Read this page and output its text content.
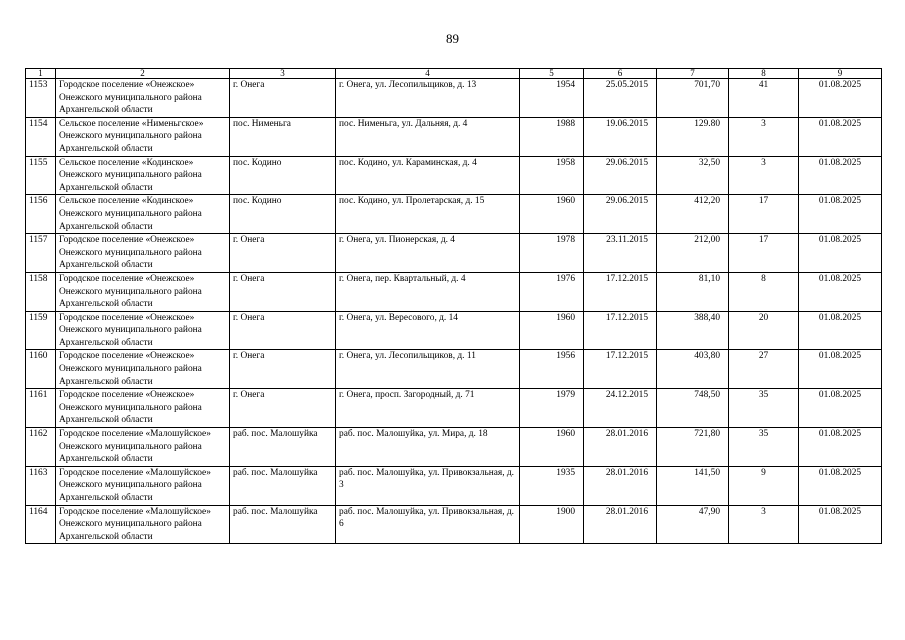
89
1	2	3	4	5	6	7	8	9
1153	Городское поселение «Онежское» Онежского муниципального района Архангельской области	г. Онега	г. Онега, ул. Лесопильщиков, д. 13	1954	25.05.2015	701,70	41	01.08.2025
1154	Сельское поселение «Нименьгское» Онежского муниципального района Архангельской области	пос. Нименьга	пос. Нименьга, ул. Дальняя, д. 4	1988	19.06.2015	129.80	3	01.08.2025
1155	Сельское поселение «Кодинское» Онежского муниципального района Архангельской области	пос. Кодино	пос. Кодино, ул. Караминская, д. 4	1958	29.06.2015	32,50	3	01.08.2025
1156	Сельское поселение «Кодинское» Онежского муниципального района Архангельской области	пос. Кодино	пос. Кодино, ул. Пролетарская, д. 15	1960	29.06.2015	412,20	17	01.08.2025
1157	Городское поселение «Онежское» Онежского муниципального района Архангельской области	г. Онега	г. Онега, ул. Пионерская, д. 4	1978	23.11.2015	212,00	17	01.08.2025
1158	Городское поселение «Онежское» Онежского муниципального района Архангельской области	г. Онега	г. Онега, пер. Квартальный, д. 4	1976	17.12.2015	81,10	8	01.08.2025
1159	Городское поселение «Онежское» Онежского муниципального района Архангельской области	г. Онега	г. Онега, ул. Вересового, д. 14	1960	17.12.2015	388,40	20	01.08.2025
1160	Городское поселение «Онежское» Онежского муниципального района Архангельской области	г. Онега	г. Онега, ул. Лесопильщиков, д. 11	1956	17.12.2015	403,80	27	01.08.2025
1161	Городское поселение «Онежское» Онежского муниципального района Архангельской области	г. Онега	г. Онега, просп. Загородный, д. 71	1979	24.12.2015	748,50	35	01.08.2025
1162	Городское поселение «Малошуйское» Онежского муниципального района Архангельской области	раб. пос. Малошуйка	раб. пос. Малошуйка, ул. Мира, д. 18	1960	28.01.2016	721,80	35	01.08.2025
1163	Городское поселение «Малошуйское» Онежского муниципального района Архангельской области	раб. пос. Малошуйка	раб. пос. Малошуйка, ул. Привокзальная, д. 3	1935	28.01.2016	141,50	9	01.08.2025
1164	Городское поселение «Малошуйское» Онежского муниципального района Архангельской области	раб. пос. Малошуйка	раб. пос. Малошуйка, ул. Привокзальная, д. 6	1900	28.01.2016	47,90	3	01.08.2025
